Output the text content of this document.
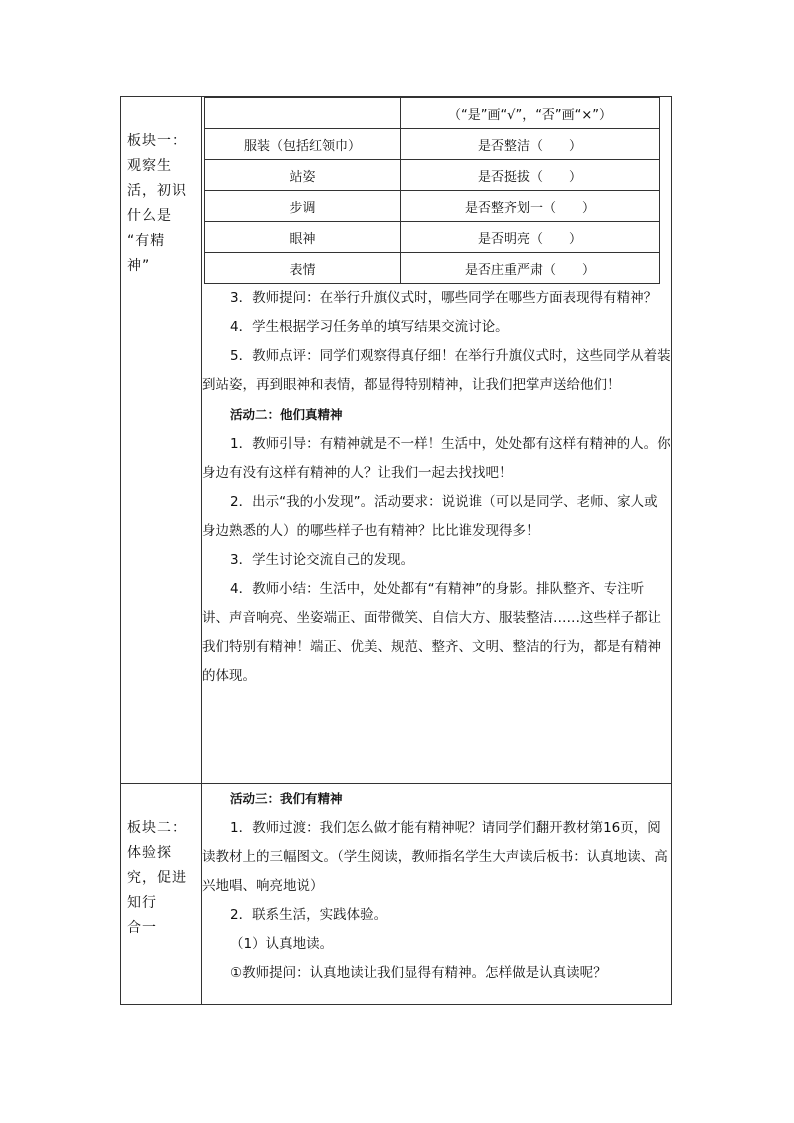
板块一：
观察生
活，初识
什么是
“有精
神”

	（“是”画“√”，“否”画“×”）
服装（包括红领巾）	是否整洁（　　）
站姿	是否挺拔（　　）
步调	是否整齐划一（　　）
眼神	是否明亮（　　）
表情	是否庄重严肃（　　）

3．教师提问：在举行升旗仪式时，哪些同学在哪些方面表现得有精神？

4．学生根据学习任务单的填写结果交流讨论。

5．教师点评：同学们观察得真仔细！在举行升旗仪式时，这些同学从着装到站姿，再到眼神和表情，都显得特别精神，让我们把掌声送给他们！

活动二：他们真精神

1．教师引导：有精神就是不一样！生活中，处处都有这样有精神的人。你身边有没有这样有精神的人？让我们一起去找找吧！

2．出示“我的小发现”。活动要求：说说谁（可以是同学、老师、家人或身边熟悉的人）的哪些样子也有精神？比比谁发现得多！

3．学生讨论交流自己的发现。

4．教师小结：生活中，处处都有“有精神”的身影。排队整齐、专注听讲、声音响亮、坐姿端正、面带微笑、自信大方、服装整洁……这些样子都让我们特别有精神！端正、优美、规范、整齐、文明、整洁的行为，都是有精神的体现。

板块二：
体验探
究，促进
知行
合一

活动三：我们有精神

1．教师过渡：我们怎么做才能有精神呢？请同学们翻开教材第16页，阅读教材上的三幅图文。（学生阅读，教师指名学生大声读后板书：认真地读、高兴地唱、响亮地说）

2．联系生活，实践体验。

（1）认真地读。

①教师提问：认真地读让我们显得有精神。怎样做是认真读呢？
